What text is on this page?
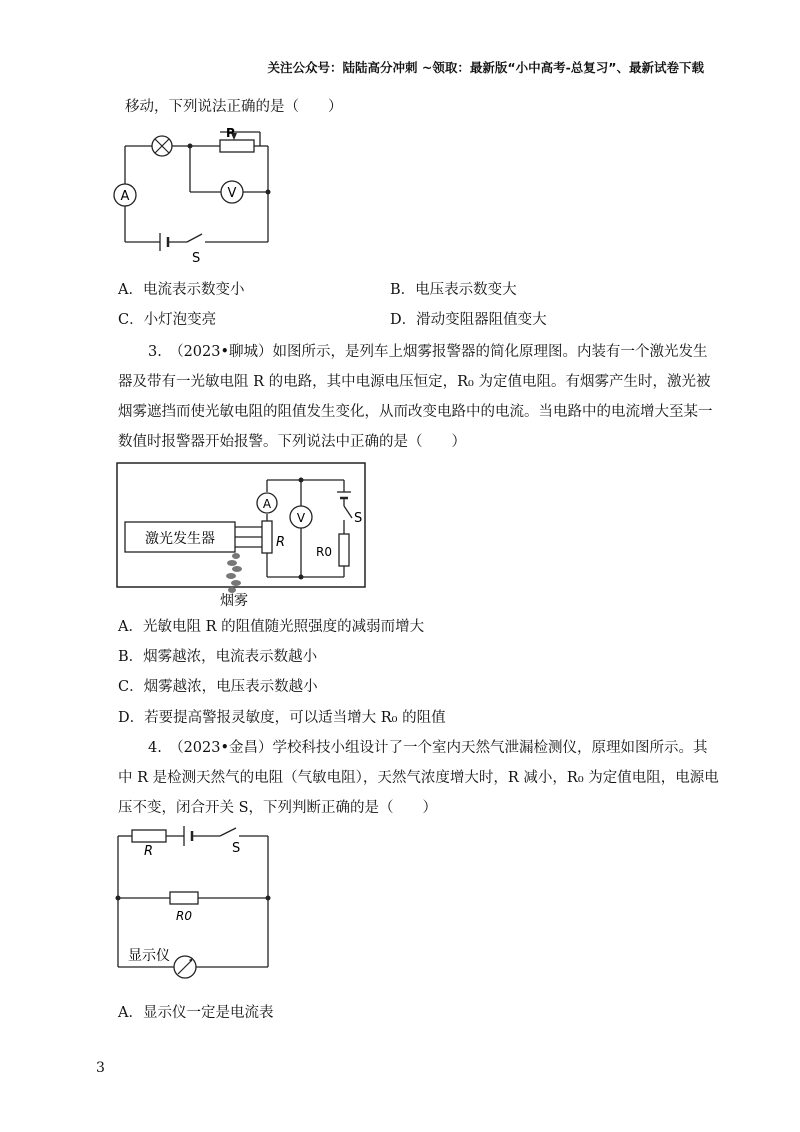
关注公众号：陆陆高分冲刺 ~领取：最新版“小中高考-总复习”、最新试卷下载
移动，下列说法正确的是（　　）
A	V
P
S
A．电流表示数变小	B．电压表示数变大
C．小灯泡变亮	D．滑动变阻器阻值变大
3.　（2023•聊城）如图所示，是列车上烟雾报警器的简化原理图。内装有一个激光发生
器及带有一光敏电阻 R 的电路，其中电源电压恒定，R₀ 为定值电阻。有烟雾产生时，激光被
烟雾遮挡而使光敏电阻的阻值发生变化，从而改变电路中的电流。当电路中的电流增大至某一
数值时报警器开始报警。下列说法中正确的是（　　）
激光发生器	R
A
V	S
R0
烟雾
A．光敏电阻 R 的阻值随光照强度的减弱而增大
B．烟雾越浓，电流表示数越小
C．烟雾越浓，电压表示数越小
D．若要提高警报灵敏度，可以适当增大 R₀ 的阻值
4.　（2023•金昌）学校科技小组设计了一个室内天然气泄漏检测仪，原理如图所示。其
中 R 是检测天然气的电阻（气敏电阻），天然气浓度增大时，R 减小，R₀ 为定值电阻，电源电
压不变，闭合开关 S，下列判断正确的是（　　）
R	S
R0
显示仪
A．显示仪一定是电流表
3
